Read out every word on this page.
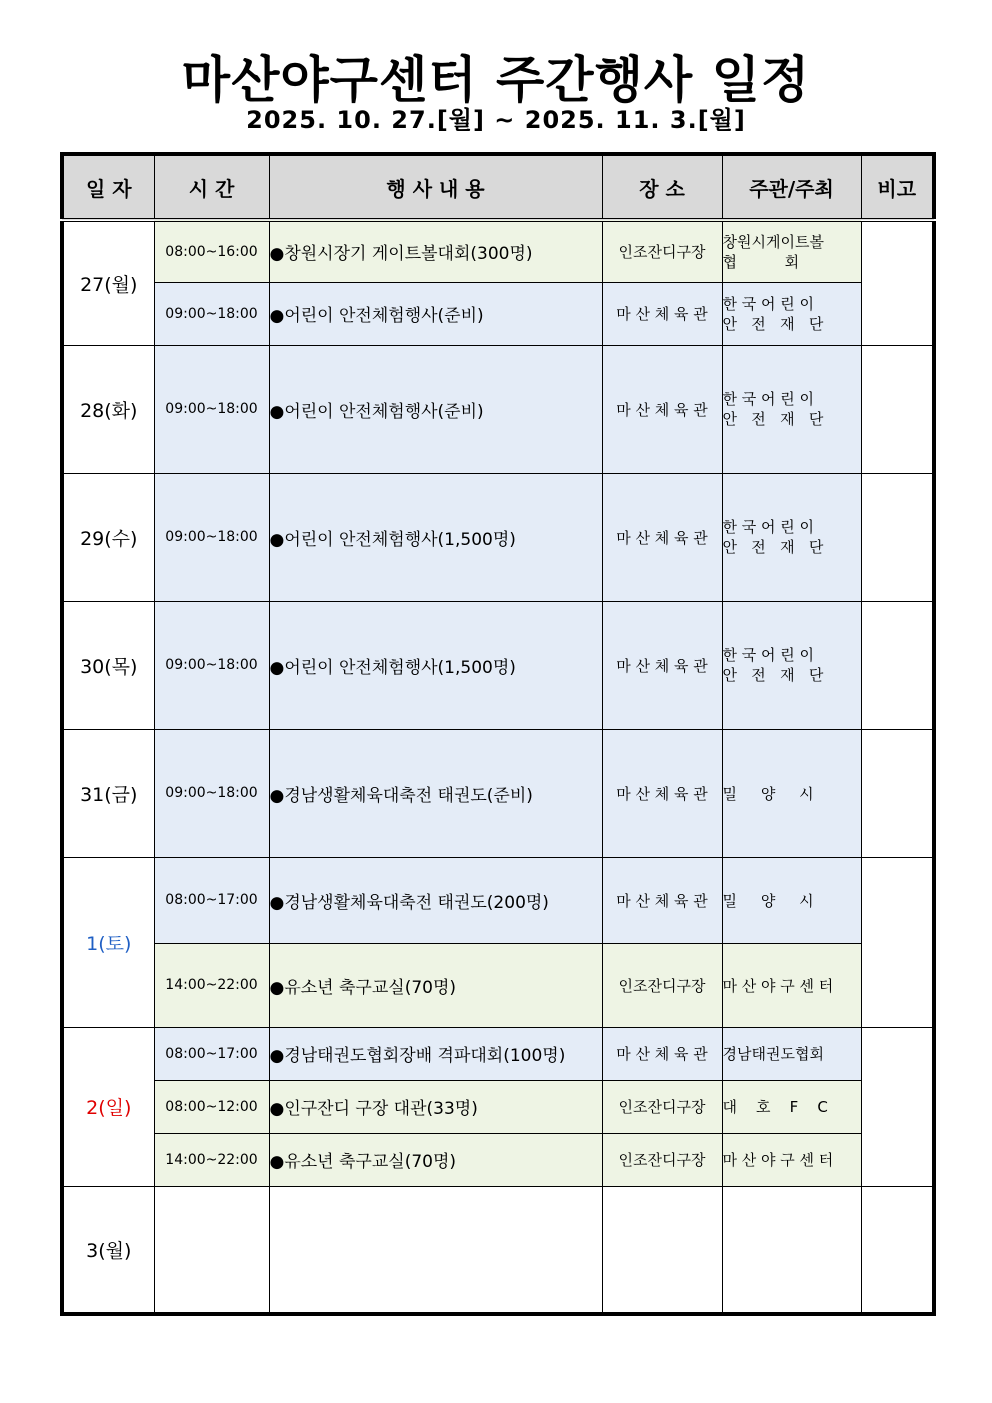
마산야구센터 주간행사 일정
2025. 10. 27.[월] ~ 2025. 11. 3.[월]
일 자	시 간	행 사 내 용	장 소	주관/주최	비고
27(월)	08:00~16:00	●창원시장기 게이트볼대회(300명)	인조잔디구장	창원시게이트볼
협          회	

	09:00~18:00	●어린이 안전체험행사(준비)	마 산 체 육 관	한 국 어 린 이
안   전   재   단	

28(화)	09:00~18:00	●어린이 안전체험행사(준비)	마 산 체 육 관	한 국 어 린 이
안   전   재   단	

29(수)	09:00~18:00	●어린이 안전체험행사(1,500명)	마 산 체 육 관	한 국 어 린 이
안   전   재   단	

30(목)	09:00~18:00	●어린이 안전체험행사(1,500명)	마 산 체 육 관	한 국 어 린 이
안   전   재   단	

31(금)	09:00~18:00	●경남생활체육대축전 태권도(준비)	마 산 체 육 관	밀     양     시	
1(토)	08:00~17:00	●경남생활체육대축전 태권도(200명)	마 산 체 육 관	밀     양     시	
	14:00~22:00	●유소년 축구교실(70명)	인조잔디구장	마 산 야 구 센 터	
2(일)	08:00~17:00	●경남태권도협회장배 격파대회(100명)	마 산 체 육 관	경남태권도협회	
	08:00~12:00	●인구잔디 구장 대관(33명)	인조잔디구장	대    호    F    C	
	14:00~22:00	●유소년 축구교실(70명)	인조잔디구장	마 산 야 구 센 터	
3(월)					
